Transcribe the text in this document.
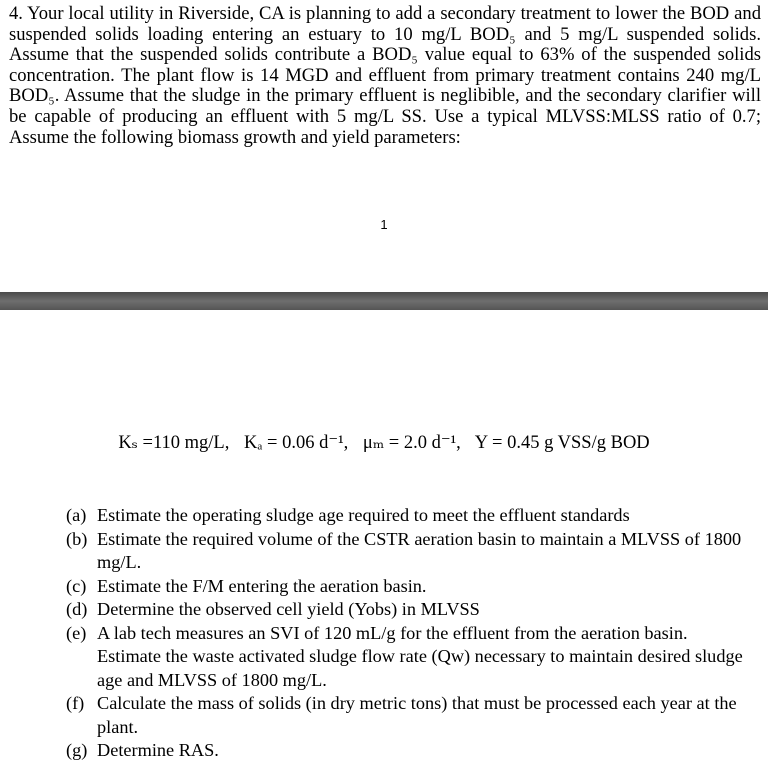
4. Your local utility in Riverside, CA is planning to add a secondary treatment to lower the BOD and suspended solids loading entering an estuary to 10 mg/L BOD₅ and 5 mg/L suspended solids. Assume that the suspended solids contribute a BOD₅ value equal to 63% of the suspended solids concentration. The plant flow is 14 MGD and effluent from primary treatment contains 240 mg/L BOD₅. Assume that the sludge in the primary effluent is neglibible, and the secondary clarifier will be capable of producing an effluent with 5 mg/L SS. Use a typical MLVSS:MLSS ratio of 0.7; Assume the following biomass growth and yield parameters:

1
Kₛ =110 mg/L, Kₐ = 0.06 d⁻¹, μₘ = 2.0 d⁻¹, Y = 0.45 g VSS/g BOD
(a) Estimate the operating sludge age required to meet the effluent standards
(b) Estimate the required volume of the CSTR aeration basin to maintain a MLVSS of 1800 mg/L.
(c) Estimate the F/M entering the aeration basin.
(d) Determine the observed cell yield (Yobs) in MLVSS
(e) A lab tech measures an SVI of 120 mL/g for the effluent from the aeration basin. Estimate the waste activated sludge flow rate (Qw) necessary to maintain desired sludge age and MLVSS of 1800 mg/L.
(f) Calculate the mass of solids (in dry metric tons) that must be processed each year at the plant.
(g) Determine RAS.
